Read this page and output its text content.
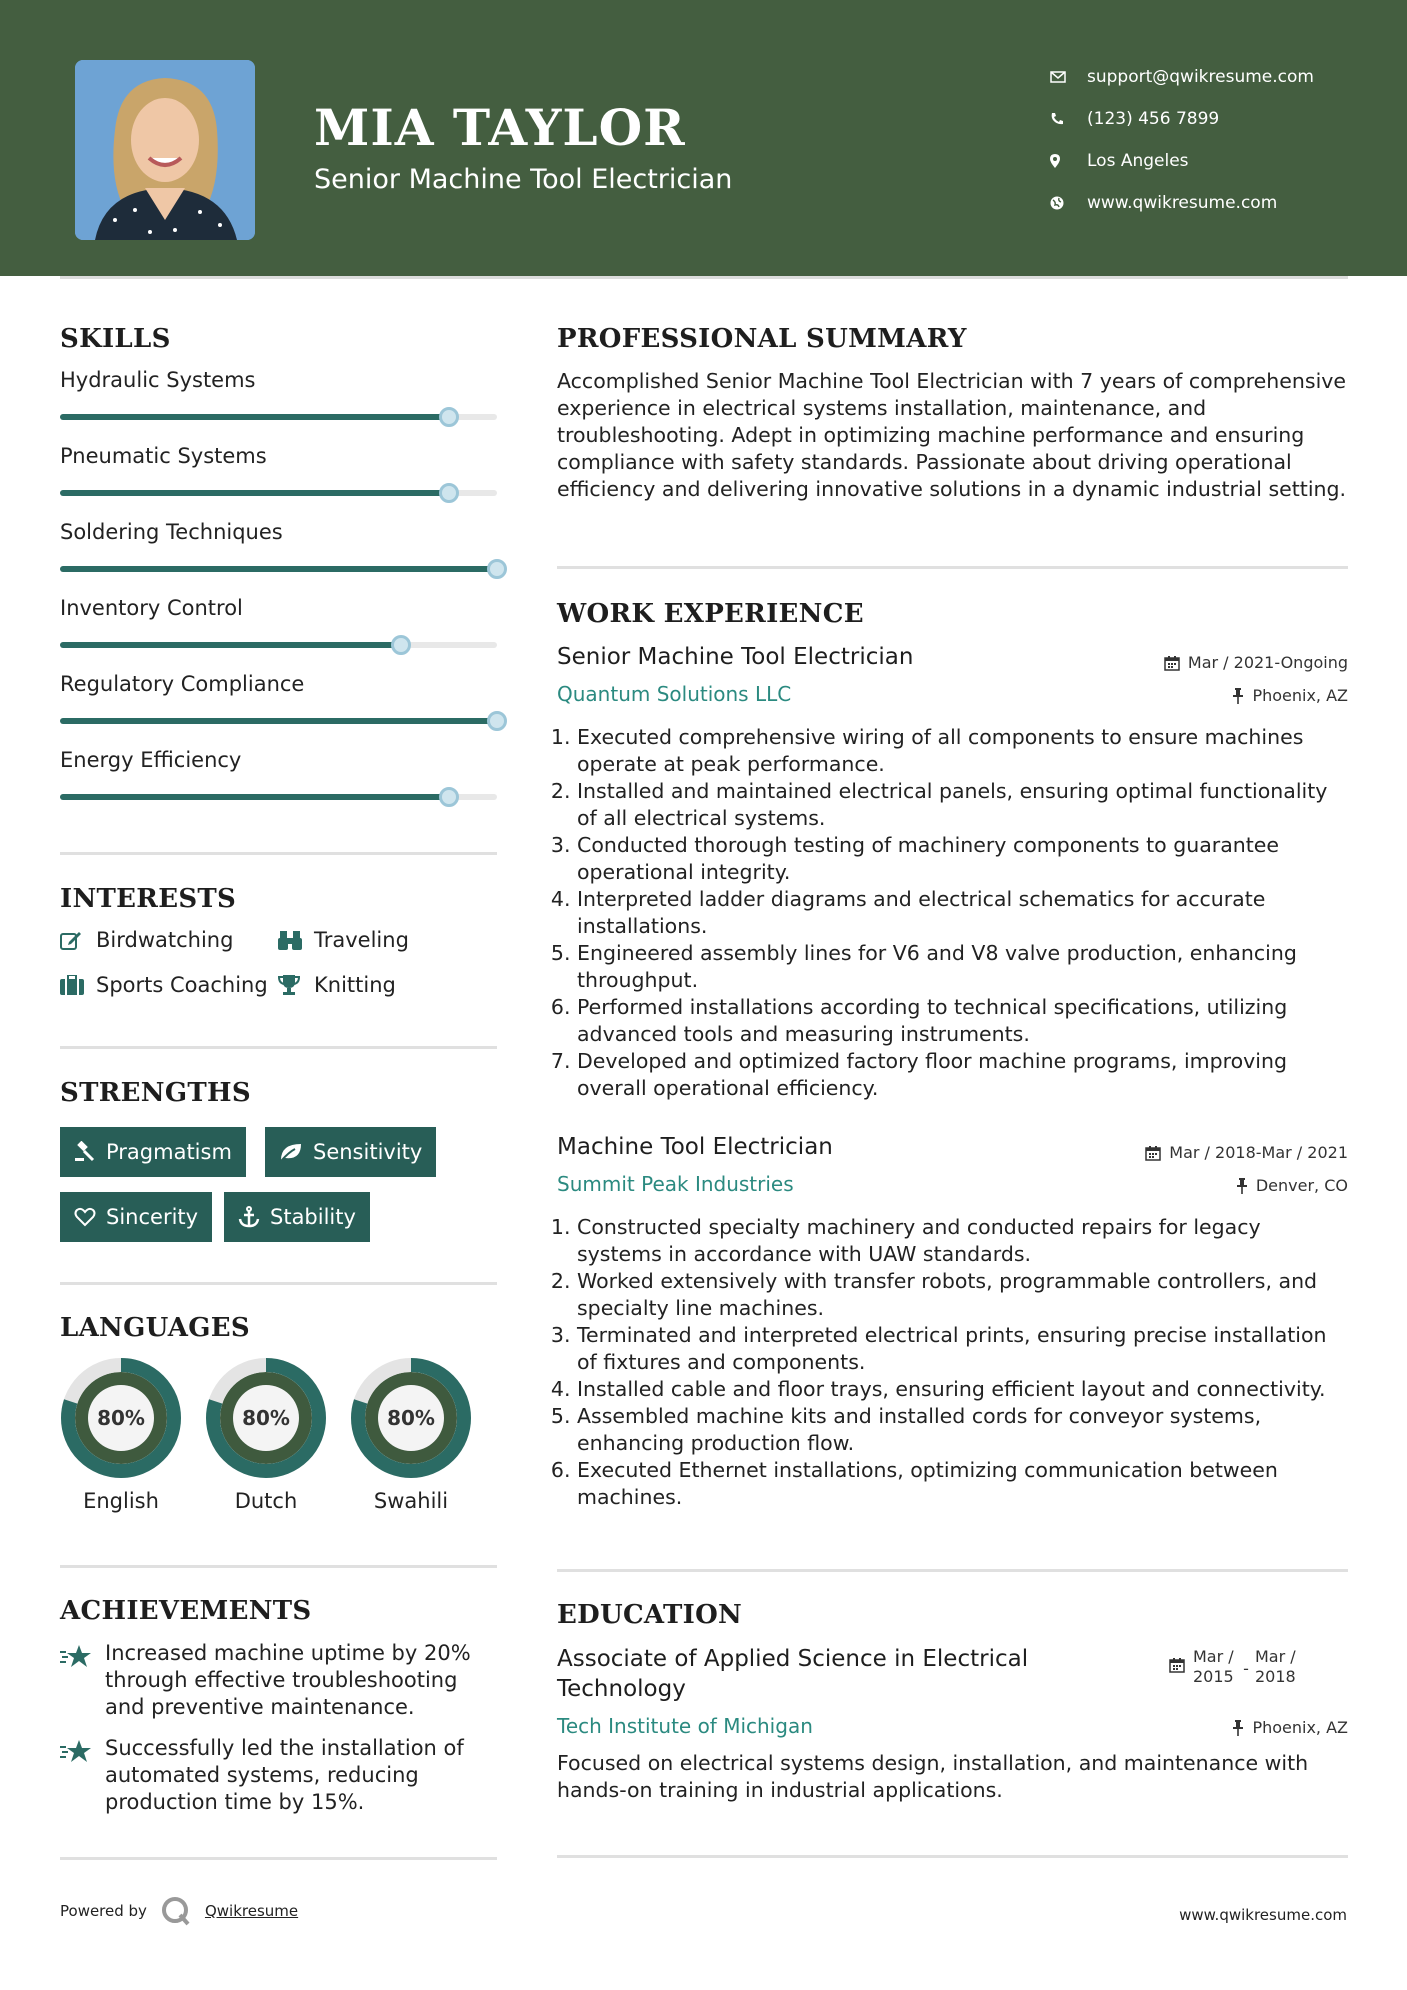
MIA TAYLOR
Senior Machine Tool Electrician
support@qwikresume.com
(123) 456 7899
Los Angeles
www.qwikresume.com
SKILLS
Hydraulic Systems
Pneumatic Systems
Soldering Techniques
Inventory Control
Regulatory Compliance
Energy Efficiency
INTERESTS
Birdwatching	Traveling
Sports Coaching Knitting
STRENGTHS
Pragmatism	Sensitivity
Sincerity	Stability
LANGUAGES
80%
English
80%
Dutch
80%
Swahili
ACHIEVEMENTS
Increased machine uptime by 20% through effective troubleshooting and preventive maintenance.
Successfully led the installation of automated systems, reducing production time by 15%.
PROFESSIONAL SUMMARY
Accomplished Senior Machine Tool Electrician with 7 years of comprehensive experience in electrical systems installation, maintenance, and troubleshooting. Adept in optimizing machine performance and ensuring compliance with safety standards. Passionate about driving operational efficiency and delivering innovative solutions in a dynamic industrial setting.
WORK EXPERIENCE
Senior Machine Tool Electrician	Mar / 2021-Ongoing
Quantum Solutions LLC	Phoenix, AZ
1. Executed comprehensive wiring of all components to ensure machines operate at peak performance.
2. Installed and maintained electrical panels, ensuring optimal functionality of all electrical systems.
3. Conducted thorough testing of machinery components to guarantee operational integrity.
4. Interpreted ladder diagrams and electrical schematics for accurate installations.
5. Engineered assembly lines for V6 and V8 valve production, enhancing throughput.
6. Performed installations according to technical specifications, utilizing advanced tools and measuring instruments.
7. Developed and optimized factory floor machine programs, improving overall operational efficiency.
Machine Tool Electrician	Mar / 2018-Mar / 2021
Summit Peak Industries	Denver, CO
1. Constructed specialty machinery and conducted repairs for legacy systems in accordance with UAW standards.
2. Worked extensively with transfer robots, programmable controllers, and specialty line machines.
3. Terminated and interpreted electrical prints, ensuring precise installation of fixtures and components.
4. Installed cable and floor trays, ensuring efficient layout and connectivity.
5. Assembled machine kits and installed cords for conveyor systems, enhancing production flow.
6. Executed Ethernet installations, optimizing communication between machines.
EDUCATION
Associate of Applied Science in Electrical Technology
Mar / 2015 -
Mar / 2018
Tech Institute of Michigan	Phoenix, AZ
Focused on electrical systems design, installation, and maintenance with hands-on training in industrial applications.
Powered by	Qwikresume	www.qwikresume.com
